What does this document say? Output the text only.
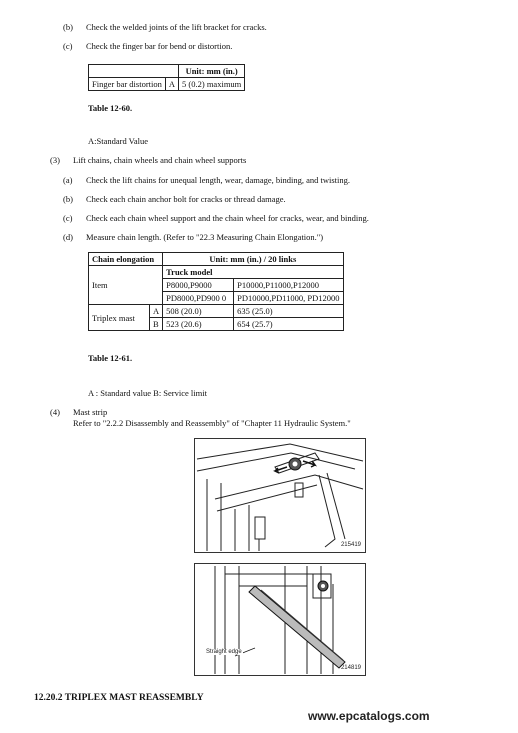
(b) Check the welded joints of the lift bracket for cracks.
(c) Check the finger bar for bend or distortion.
		Unit: mm (in.)
Finger bar distortion	A	5 (0.2) maximum
Table 12-60.
A:Standard Value
(3) Lift chains, chain wheels and chain wheel supports
(a) Check the lift chains for unequal length, wear, damage, binding, and twisting.
(b) Check each chain anchor bolt for cracks or thread damage.
(c) Check each chain wheel support and the chain wheel for cracks, wear, and binding.
(d) Measure chain length. (Refer to "22.3 Measuring Chain Elongation.")
Chain elongation		Unit: mm (in.) / 20 links	
Item		Truck model	
		P8000,P9000	P10000,P11000,P12000
		PD8000,PD900 0	PD10000,PD11000, PD12000
Triplex mast	A	508 (20.0)	635 (25.0)
	B	523 (20.6)	654 (25.7)
Table 12-61.
A : Standard value B: Service limit
(4) Mast strip
Refer to "2.2.2 Disassembly and Reassembly" of "Chapter 11 Hydraulic System."
215419
Straight edge
214819
12.20.2 TRIPLEX MAST REASSEMBLY
www.epcatalogs.com
